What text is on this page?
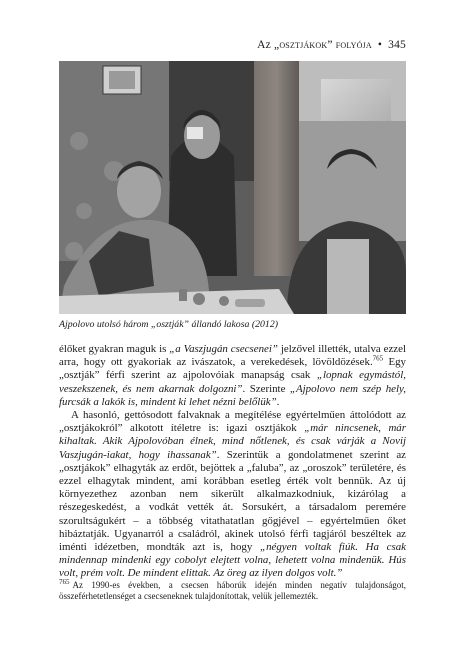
Az „osztjákok” folyója • 345
Ajpolovo utolsó három „osztják” állandó lakosa (2012)

élőket gyakran maguk is „a Vaszjugán csecsenei” jelzővel illették, utalva ezzel arra, hogy ott gyakoriak az ivászatok, a verekedések, lövöldözések.$^{765}$ Egy „osztják” férfi szerint az ajpolovóiak manapság csak „lopnak egymástól, veszekszenek, és nem akarnak dolgozni”. Szerinte „Ajpolovo nem szép hely, furcsák a lakók is, mindent ki lehet nézni belőlük”.

A hasonló, gettósodott falvaknak a megítélése egyértelműen áttolódott az „osztjákokról” alkotott ítéletre is: igazi osztjákok „már nincsenek, már kihaltak. Akik Ajpolovóban élnek, mind nőtlenek, és csak várják a Novij Vaszjugán-iakat, hogy ihassanak”. Szerintük a gondolatmenet szerint az „osztjákok” elhagyták az erdőt, bejöttek a „faluba”, az „oroszok” területére, és ezzel elhagytak mindent, ami korábban esetleg érték volt bennük. Az új környezethez azonban nem sikerült alkalmazkodniuk, kizárólag a részegeskedést, a vodkát vették át. Sorsukért, a társadalom peremére szorultságukért – a többség vitathatatlan gőgjével – egyértelműen őket hibáztatják. Ugyanarról a családról, akinek utolsó férfi tagjáról beszéltek az iménti idézetben, mondták azt is, hogy „négyen voltak fiúk. Ha csak mindennap mindenki egy cobolyt elejtett volna, lehetett volna mindenük. Hús volt, prém volt. De mindent elittak. Az öreg az ilyen dolgos volt.”

$^{765}$ Az 1990-es években, a csecsen háborúk idején minden negatív tulajdonságot, összeférhetetlenséget a csecseneknek tulajdonítottak, velük jellemezték.
